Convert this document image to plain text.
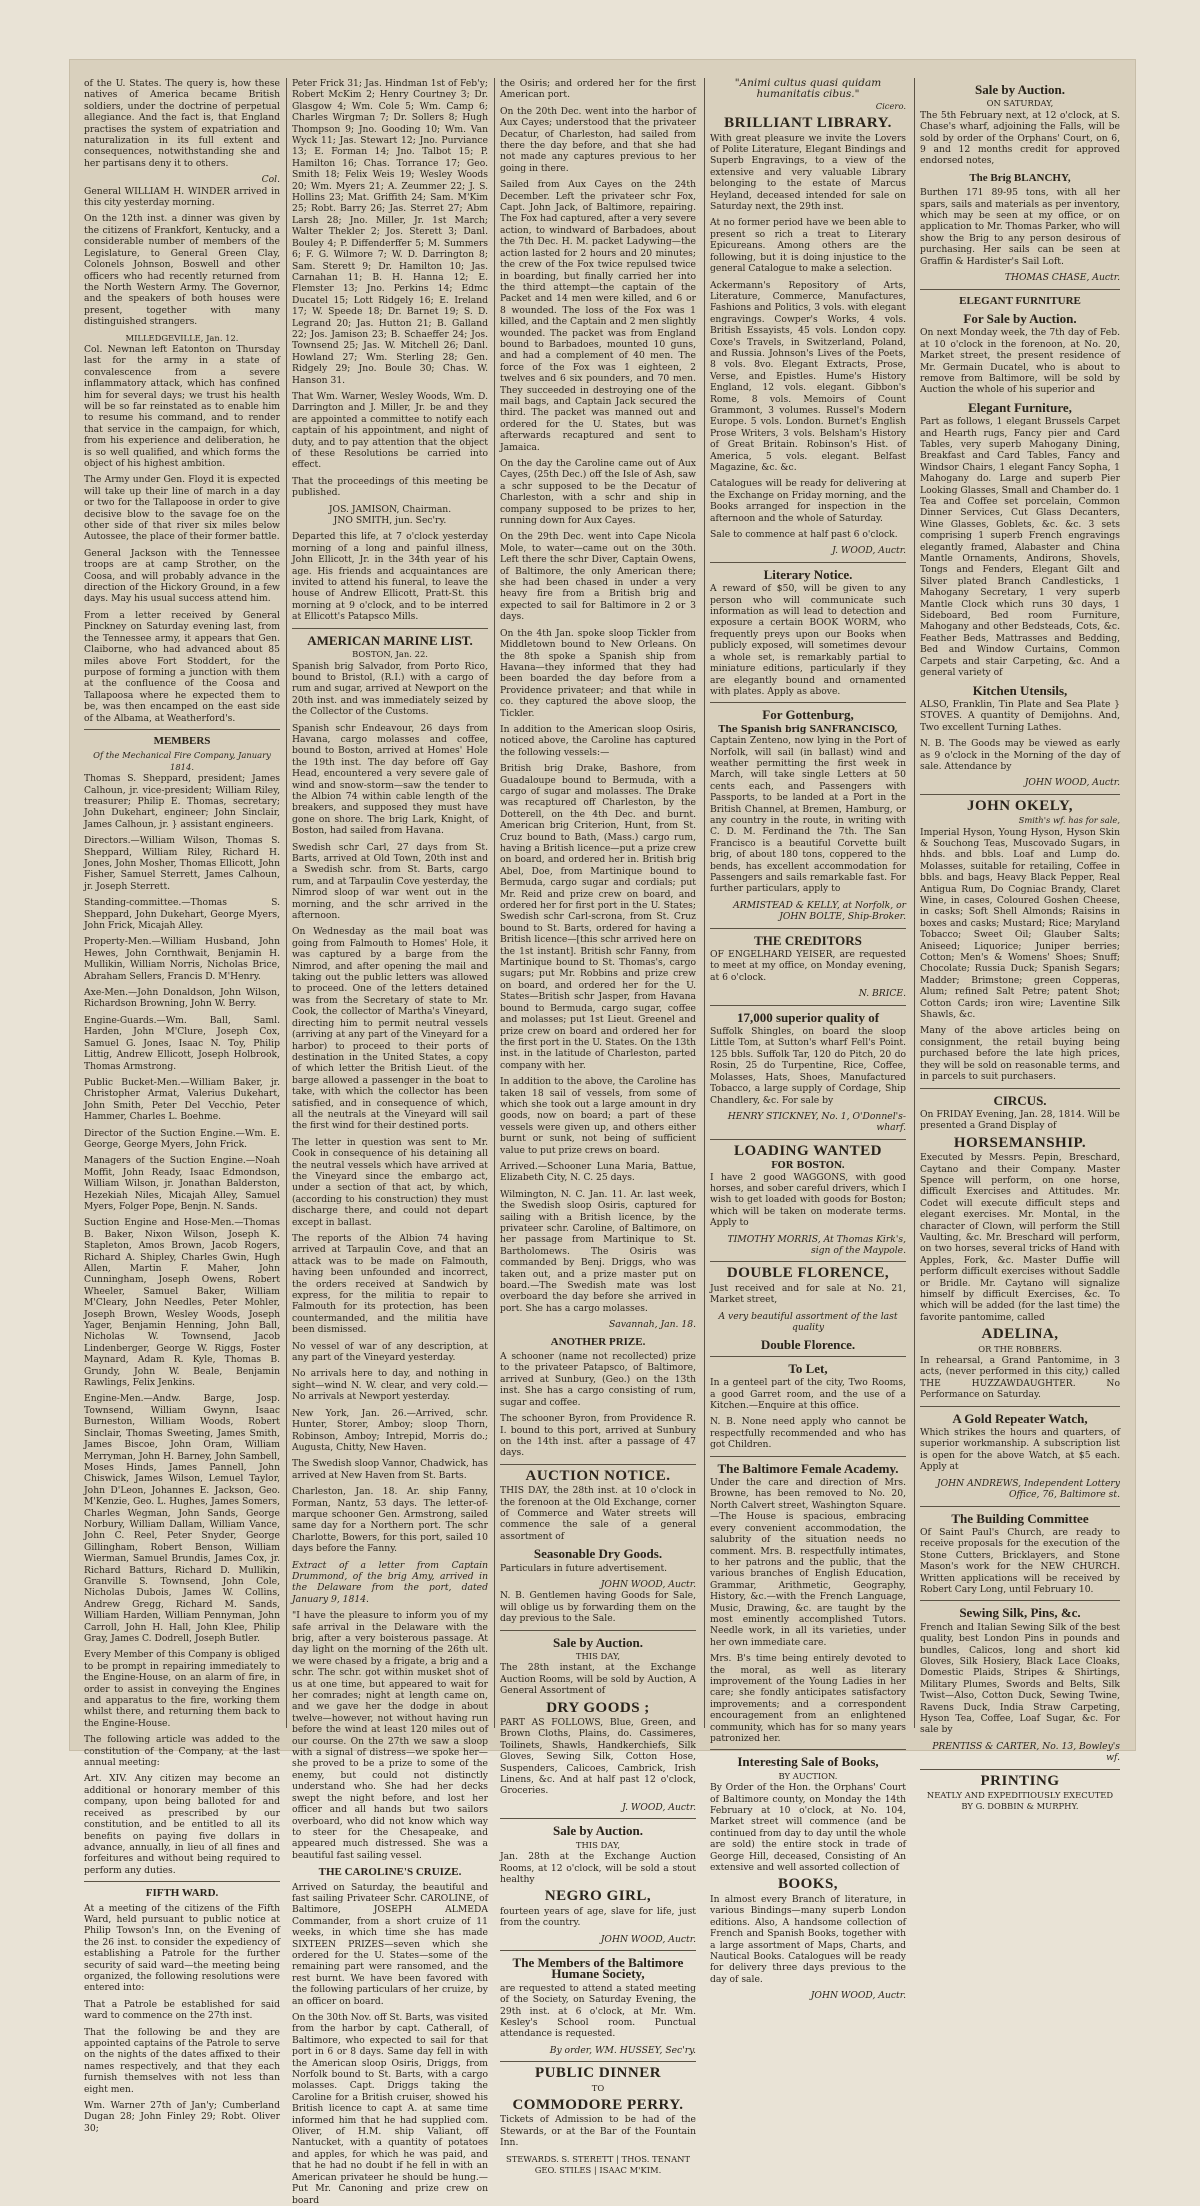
of the U. States. The query is, how these natives of America became British soldiers, under the doctrine of perpetual allegiance. And the fact is, that England practises the system of expatriation and naturalization in its full extent and consequences, notwithstanding she and her partisans deny it to others.

Col.

General WILLIAM H. WINDER arrived in this city yesterday morning.

On the 12th inst. a dinner was given by the citizens of Frankfort, Kentucky, and a considerable number of members of the Legislature, to General Green Clay, Colonels Johnson, Boswell and other officers who had recently returned from the North Western Army. The Governor, and the speakers of both houses were present, together with many distinguished strangers.

MILLEDGEVILLE, Jan. 12.

Col. Newnan left Eatonton on Thursday last for the army in a state of convalescence from a severe inflammatory attack, which has confined him for several days; we trust his health will be so far reinstated as to enable him to resume his command, and to render that service in the campaign, for which, from his experience and deliberation, he is so well qualified, and which forms the object of his highest ambition.

The Army under Gen. Floyd it is expected will take up their line of march in a day or two for the Tallapoose in order to give decisive blow to the savage foe on the other side of that river six miles below Autossee, the place of their former battle.

General Jackson with the Tennessee troops are at camp Strother, on the Coosa, and will probably advance in the direction of the Hickory Ground, in a few days. May his usual success attend him.

From a letter received by General Pinckney on Saturday evening last, from the Tennessee army, it appears that Gen. Claiborne, who had advanced about 85 miles above Fort Stoddert, for the purpose of forming a junction with them at the confluence of the Coosa and Tallapoosa where he expected them to be, was then encamped on the east side of the Albama, at Weatherford's.

MEMBERS
Of the Mechanical Fire Company, January 1814.

Thomas S. Sheppard, president; James Calhoun, jr. vice-president; William Riley, treasurer; Philip E. Thomas, secretary; John Dukehart, engineer; John Sinclair, James Calhoun, jr. } assistant engineers.

Directors.—William Wilson, Thomas S. Sheppard, William Riley, Richard H. Jones, John Mosher, Thomas Ellicott, John Fisher, Samuel Sterrett, James Calhoun, jr. Joseph Sterrett.

Standing-committee.—Thomas S. Sheppard, John Dukehart, George Myers, John Frick, Micajah Alley.

Property-Men.—William Husband, John Hewes, John Cornthwait, Benjamin H. Mullikin, William Norris, Nicholas Brice, Abraham Sellers, Francis D. M'Henry.

Axe-Men.—John Donaldson, John Wilson, Richardson Browning, John W. Berry.

Engine-Guards.—Wm. Ball, Saml. Harden, John M'Clure, Joseph Cox, Samuel G. Jones, Isaac N. Toy, Philip Littig, Andrew Ellicott, Joseph Holbrook, Thomas Armstrong.

Public Bucket-Men.—William Baker, jr. Christopher Armat, Valerius Dukehart, John Smith, Peter Del Vecchio, Peter Hammer, Charles L. Boehme.

Director of the Suction Engine.—Wm. E. George, George Myers, John Frick.

Managers of the Suction Engine.—Noah Moffit, John Ready, Isaac Edmondson, William Wilson, jr. Jonathan Balderston, Hezekiah Niles, Micajah Alley, Samuel Myers, Folger Pope, Benjn. N. Sands.

Suction Engine and Hose-Men.—Thomas B. Baker, Nixon Wilson, Joseph K. Stapleton, Amos Brown, Jacob Rogers, Richard A. Shipley, Charles Gwin, Hugh Allen, Martin F. Maher, John Cunningham, Joseph Owens, Robert Wheeler, Samuel Baker, William M'Cleary, John Needles, Peter Mohler, Joseph Brown, Wesley Woods, Joseph Yager, Benjamin Henning, John Ball, Nicholas W. Townsend, Jacob Lindenberger, George W. Riggs, Foster Maynard, Adam R. Kyle, Thomas B. Grundy, John W. Beale, Benjamin Rawlings, Felix Jenkins.

Engine-Men.—Andw. Barge, Josp. Townsend, William Gwynn, Isaac Burneston, William Woods, Robert Sinclair, Thomas Sweeting, James Smith, James Biscoe, John Oram, William Merryman, John H. Barney, John Sambell, Moses Hinds, James Pannell, John Chiswick, James Wilson, Lemuel Taylor, John D'Leon, Johannes E. Jackson, Geo. M'Kenzie, Geo. L. Hughes, James Somers, Charles Wegman, John Sands, George Norbury, William Dallam, William Vance, John C. Reel, Peter Snyder, George Gillingham, Robert Benson, William Wierman, Samuel Brundis, James Cox, jr. Richard Batturs, Richard D. Mullikin, Granville S. Townsend, John Cole, Nicholas Dubois, James W. Collins, Andrew Gregg, Richard M. Sands, William Harden, William Pennyman, John Carroll, John H. Hall, John Klee, Philip Gray, James C. Dodrell, Joseph Butler.

Every Member of this Company is obliged to be prompt in repairing immediately to the Engine-House, on an alarm of fire, in order to assist in conveying the Engines and apparatus to the fire, working them whilst there, and returning them back to the Engine-House.

The following article was added to the constitution of the Company, at the last annual meeting:

Art. XIV. Any citizen may become an additional or honorary member of this company, upon being balloted for and received as prescribed by our constitution, and be entitled to all its benefits on paying five dollars in advance, annually, in lieu of all fines and forfeitures and without being required to perform any duties.

FIFTH WARD.

At a meeting of the citizens of the Fifth Ward, held pursuant to public notice at Philip Towson's Inn, on the Evening of the 26 inst. to consider the expediency of establishing a Patrole for the further security of said ward—the meeting being organized, the following resolutions were entered into:

That a Patrole be established for said ward to commence on the 27th inst.

That the following be and they are appointed captains of the Patrole to serve on the nights of the dates affixed to their names respectively, and that they each furnish themselves with not less than eight men.

Wm. Warner 27th of Jan'y; Cumberland Dugan 28; John Finley 29; Robt. Oliver 30;

Peter Frick 31; Jas. Hindman 1st of Feb'y; Robert McKim 2; Henry Courtney 3; Dr. Glasgow 4; Wm. Cole 5; Wm. Camp 6; Charles Wirgman 7; Dr. Sollers 8; Hugh Thompson 9; Jno. Gooding 10; Wm. Van Wyck 11; Jas. Stewart 12; Jno. Purviance 13; E. Forman 14; Jno. Talbot 15; P. Hamilton 16; Chas. Torrance 17; Geo. Smith 18; Felix Weis 19; Wesley Woods 20; Wm. Myers 21; A. Zeummer 22; J. S. Hollins 23; Mat. Griffith 24; Sam. M'Kim 25; Robt. Barry 26; Jas. Sterret 27; Abm Larsh 28; Jno. Miller, Jr. 1st March; Walter Thekler 2; Jos. Sterett 3; Danl. Bouley 4; P. Diffenderffer 5; M. Summers 6; F. G. Wilmore 7; W. D. Darrington 8; Sam. Sterett 9; Dr. Hamilton 10; Jas. Carnahan 11; B. H. Hanna 12; E. Flemster 13; Jno. Perkins 14; Edmc Ducatel 15; Lott Ridgely 16; E. Ireland 17; W. Speede 18; Dr. Barnet 19; S. D. Legrand 20; Jas. Hutton 21; B. Galland 22; Jos. Jamison 23; B. Schaeffer 24; Jos. Townsend 25; Jas. W. Mitchell 26; Danl. Howland 27; Wm. Sterling 28; Gen. Ridgely 29; Jno. Boule 30; Chas. W. Hanson 31.

That Wm. Warner, Wesley Woods, Wm. D. Darrington and J. Miller, Jr. be and they are appointed a committee to notify each captain of his appointment, and night of duty, and to pay attention that the object of these Resolutions be carried into effect.

That the proceedings of this meeting be published.

JOS. JAMISON, Chairman.
JNO SMITH, jun. Sec'ry.

Departed this life, at 7 o'clock yesterday morning of a long and painful illness, John Ellicott, Jr. in the 34th year of his age. His friends and acquaintances are invited to attend his funeral, to leave the house of Andrew Ellicott, Pratt-St. this morning at 9 o'clock, and to be interred at Ellicott's Patapsco Mills.

AMERICAN MARINE LIST.
BOSTON, Jan. 22.

Spanish brig Salvador, from Porto Rico, bound to Bristol, (R.I.) with a cargo of rum and sugar, arrived at Newport on the 20th inst. and was immediately seized by the Collector of the Customs.

Spanish schr Endeavour, 26 days from Havana, cargo molasses and coffee, bound to Boston, arrived at Homes' Hole the 19th inst. The day before off Gay Head, encountered a very severe gale of wind and snow-storm—saw the tender to the Albion 74 within cable length of the breakers, and supposed they must have gone on shore. The brig Lark, Knight, of Boston, had sailed from Havana.

Swedish schr Carl, 27 days from St. Barts, arrived at Old Town, 20th inst and a Swedish schr. from St. Barts, cargo rum, and at Tarpaulin Cove yesterday, the Nimrod sloop of war went out in the morning, and the schr arrived in the afternoon.

On Wednesday as the mail boat was going from Falmouth to Homes' Hole, it was captured by a barge from the Nimrod, and after opening the mail and taking out the public letters was allowed to proceed. One of the letters detained was from the Secretary of state to Mr. Cook, the collector of Martha's Vineyard, directing him to permit neutral vessels (arriving at any part of the Vineyard for a harbor) to proceed to their ports of destination in the United States, a copy of which letter the British Lieut. of the barge allowed a passenger in the boat to take, with which the collector has been satisfied, and in consequence of which, all the neutrals at the Vineyard will sail the first wind for their destined ports.

The letter in question was sent to Mr. Cook in consequence of his detaining all the neutral vessels which have arrived at the Vineyard since the embargo act, under a section of that act, by which, (according to his construction) they must discharge there, and could not depart except in ballast.

The reports of the Albion 74 having arrived at Tarpaulin Cove, and that an attack was to be made on Falmouth, having been unfounded and incorrect, the orders received at Sandwich by express, for the militia to repair to Falmouth for its protection, has been countermanded, and the militia have been dismissed.

No vessel of war of any description, at any part of the Vineyard yesterday.

No arrivals here to day, and nothing in sight—wind N. W. clear, and very cold.—No arrivals at Newport yesterday.

New York, Jan. 26.—Arrived, schr. Hunter, Storer, Amboy; sloop Thorn, Robinson, Amboy; Intrepid, Morris do.; Augusta, Chitty, New Haven.

The Swedish sloop Vannor, Chadwick, has arrived at New Haven from St. Barts.

Charleston, Jan. 18. Ar. ship Fanny, Forman, Nantz, 53 days. The letter-of-marque schooner Gen. Armstrong, sailed same day for a Northern port. The schr Charlotte, Bowers, for this port, sailed 10 days before the Fanny.

Extract of a letter from Captain Drummond, of the brig Amy, arrived in the Delaware from the port, dated January 9, 1814.

"I have the pleasure to inform you of my safe arrival in the Delaware with the brig, after a very boisterous passage. At day light on the morning of the 26th ult. we were chased by a frigate, a brig and a schr. The schr. got within musket shot of us at one time, but appeared to wait for her comrades; night at length came on, and we gave her the dodge in about twelve—however, not without having run before the wind at least 120 miles out of our course. On the 27th we saw a sloop with a signal of distress—we spoke her—she proved to be a prize to some of the enemy, but could not distinctly understand who. She had her decks swept the night before, and lost her officer and all hands but two sailors overboard, who did not know which way to steer for the Chesapeake, and appeared much distressed. She was a beautiful fast sailing vessel.

THE CAROLINE'S CRUIZE.

Arrived on Saturday, the beautiful and fast sailing Privateer Schr. CAROLINE, of Baltimore, JOSEPH ALMEDA Commander, from a short cruize of 11 weeks, in which time she has made SIXTEEN PRIZES—seven which she ordered for the U. States—some of the remaining part were ransomed, and the rest burnt. We have been favored with the following particulars of her cruize, by an officer on board.

On the 30th Nov. off St. Barts, was visited from the harbor by capt. Catherall, of Baltimore, who expected to sail for that port in 6 or 8 days. Same day fell in with the American sloop Osiris, Driggs, from Norfolk bound to St. Barts, with a cargo molasses. Capt. Driggs taking the Caroline for a British cruiser, showed his British licence to capt A. at same time informed him that he had supplied com. Oliver, of H.M. ship Valiant, off Nantucket, with a quantity of potatoes and apples, for which he was paid, and that he had no doubt if he fell in with an American privateer he should be hung.—Put Mr. Canoning and prize crew on board

the Osiris; and ordered her for the first American port.

On the 20th Dec. went into the harbor of Aux Cayes; understood that the privateer Decatur, of Charleston, had sailed from there the day before, and that she had not made any captures previous to her going in there.

Sailed from Aux Cayes on the 24th December. Left the privateer schr Fox, Capt. John Jack, of Baltimore, repairing. The Fox had captured, after a very severe action, to windward of Barbadoes, about the 7th Dec. H. M. packet Ladywing—the action lasted for 2 hours and 20 minutes; the crew of the Fox twice repulsed twice in boarding, but finally carried her into the third attempt—the captain of the Packet and 14 men were killed, and 6 or 8 wounded. The loss of the Fox was 1 killed, and the Captain and 2 men slightly wounded. The packet was from England bound to Barbadoes, mounted 10 guns, and had a complement of 40 men. The force of the Fox was 1 eighteen, 2 twelves and 6 six pounders, and 70 men. They succeeded in destroying one of the mail bags, and Captain Jack secured the third. The packet was manned out and ordered for the U. States, but was afterwards recaptured and sent to Jamaica.

On the day the Caroline came out of Aux Cayes, (25th Dec.) off the Isle of Ash, saw a schr supposed to be the Decatur of Charleston, with a schr and ship in company supposed to be prizes to her, running down for Aux Cayes.

On the 29th Dec. went into Cape Nicola Mole, to water—came out on the 30th. Left there the schr Diver, Captain Owens, of Baltimore, the only American there; she had been chased in under a very heavy fire from a British brig and expected to sail for Baltimore in 2 or 3 days.

On the 4th Jan. spoke sloop Tickler from Middletown bound to New Orleans. On the 8th spoke a Spanish ship from Havana—they informed that they had been boarded the day before from a Providence privateer; and that while in co. they captured the above sloop, the Tickler.

In addition to the American sloop Osiris, noticed above, the Caroline has captured the following vessels:—

British brig Drake, Bashore, from Guadaloupe bound to Bermuda, with a cargo of sugar and molasses. The Drake was recaptured off Charleston, by the Dotterell, on the 4th Dec. and burnt. American brig Criterion, Hunt, from St. Cruz bound to Bath, (Mass.) cargo rum, having a British licence—put a prize crew on board, and ordered her in. British brig Abel, Doe, from Martinique bound to Bermuda, cargo sugar and cordials; put Mr. Reid and prize crew on board, and ordered her for first port in the U. States; Swedish schr Carl-scrona, from St. Cruz bound to St. Barts, ordered for having a British licence—[this schr arrived here on the 1st instant]. British schr Fanny, from Martinique bound to St. Thomas's, cargo sugars; put Mr. Robbins and prize crew on board, and ordered her for the U. States—British schr Jasper, from Havana bound to Bermuda, cargo sugar, coffee and molasses; put 1st Lieut. Greenel and prize crew on board and ordered her for the first port in the U. States. On the 13th inst. in the latitude of Charleston, parted company with her.

In addition to the above, the Caroline has taken 18 sail of vessels, from some of which she took out a large amount in dry goods, now on board; a part of these vessels were given up, and others either burnt or sunk, not being of sufficient value to put prize crews on board.

Arrived.—Schooner Luna Maria, Battue, Elizabeth City, N. C. 25 days.

Wilmington, N. C. Jan. 11. Ar. last week, the Swedish sloop Osiris, captured for sailing with a British licence, by the privateer schr. Caroline, of Baltimore, on her passage from Martinique to St. Bartholomews. The Osiris was commanded by Benj. Driggs, who was taken out, and a prize master put on board.—The Swedish mate was lost overboard the day before she arrived in port. She has a cargo molasses.

Savannah, Jan. 18.
ANOTHER PRIZE.

A schooner (name not recollected) prize to the privateer Patapsco, of Baltimore, arrived at Sunbury, (Geo.) on the 13th inst. She has a cargo consisting of rum, sugar and coffee.

The schooner Byron, from Providence R. I. bound to this port, arrived at Sunbury on the 14th inst. after a passage of 47 days.

AUCTION NOTICE.

THIS DAY, the 28th inst. at 10 o'clock in the forenoon at the Old Exchange, corner of Commerce and Water streets will commence the sale of a general assortment of

Seasonable Dry Goods.

Particulars in future advertisement.

JOHN WOOD, Auctr.

N. B. Gentlemen having Goods for Sale, will oblige us by forwarding them on the day previous to the Sale.

Sale by Auction.
THIS DAY,

The 28th instant, at the Exchange Auction Rooms, will be sold by Auction, A General Assortment of

DRY GOODS ;

PART AS FOLLOWS, Blue, Green, and Brown Cloths, Plains, do. Cassimeres, Toilinets, Shawls, Handkerchiefs, Silk Gloves, Sewing Silk, Cotton Hose, Suspenders, Calicoes, Cambrick, Irish Linens, &c. And at half past 12 o'clock, Groceries.

J. WOOD, Auctr.
Sale by Auction.
THIS DAY,

Jan. 28th at the Exchange Auction Rooms, at 12 o'clock, will be sold a stout healthy

NEGRO GIRL,

fourteen years of age, slave for life, just from the country.

JOHN WOOD, Auctr.
The Members of the Baltimore Humane Society,

are requested to attend a stated meeting of the Society, on Saturday Evening, the 29th inst. at 6 o'clock, at Mr. Wm. Kesley's School room. Punctual attendance is requested.

By order, WM. HUSSEY, Sec'ry.
PUBLIC DINNER
TO
COMMODORE PERRY.

Tickets of Admission to be had of the Stewards, or at the Bar of the Fountain Inn.

STEWARDS. S. STERETT | THOS. TENANT GEO. STILES | ISAAC M'KIM.
"Animi cultus quasi quidam humanitatis cibus."
Cicero.
BRILLIANT LIBRARY.

With great pleasure we invite the Lovers of Polite Literature, Elegant Bindings and Superb Engravings, to a view of the extensive and very valuable Library belonging to the estate of Marcus Heyland, deceased intended for sale on Saturday next, the 29th inst.

At no former period have we been able to present so rich a treat to Literary Epicureans. Among others are the following, but it is doing injustice to the general Catalogue to make a selection.

Ackermann's Repository of Arts, Literature, Commerce, Manufactures, Fashions and Politics, 3 vols. with elegant engravings. Cowper's Works, 4 vols. British Essayists, 45 vols. London copy. Coxe's Travels, in Switzerland, Poland, and Russia. Johnson's Lives of the Poets, 8 vols. 8vo. Elegant Extracts, Prose, Verse, and Epistles. Hume's History England, 12 vols. elegant. Gibbon's Rome, 8 vols. Memoirs of Count Grammont, 3 volumes. Russel's Modern Europe. 5 vols. London. Burnet's English Prose Writers, 3 vols. Belsham's History of Great Britain. Robinson's Hist. of America, 5 vols. elegant. Belfast Magazine, &c. &c.

Catalogues will be ready for delivering at the Exchange on Friday morning, and the Books arranged for inspection in the afternoon and the whole of Saturday.

Sale to commence at half past 6 o'clock.

J. WOOD, Auctr.
Literary Notice.

A reward of $50, will be given to any person who will communicate such information as will lead to detection and exposure a certain BOOK WORM, who frequently preys upon our Books when publicly exposed, will sometimes devour a whole set, is remarkably partial to miniature editions, particularly if they are elegantly bound and ornamented with plates. Apply as above.

For Gottenburg,
The Spanish brig SANFRANCISCO,

Captain Zenteno, now lying in the Port of Norfolk, will sail (in ballast) wind and weather permitting the first week in March, will take single Letters at 50 cents each, and Passengers with Passports, to be landed at a Port in the British Channel, at Bremen, Hamburg, or any country in the route, in writing with C. D. M. Ferdinand the 7th. The San Francisco is a beautiful Corvette built brig, of about 180 tons, coppered to the bends, has excellent accommodation for Passengers and sails remarkable fast. For further particulars, apply to

ARMISTEAD & KELLY, at Norfolk, or JOHN BOLTE, Ship-Broker.
THE CREDITORS

OF ENGELHARD YEISER, are requested to meet at my office, on Monday evening, at 6 o'clock.

N. BRICE.
17,000 superior quality of

Suffolk Shingles, on board the sloop Little Tom, at Sutton's wharf Fell's Point. 125 bbls. Suffolk Tar, 120 do Pitch, 20 do Rosin, 25 do Turpentine, Rice, Coffee, Molasses, Hats, Shoes, Manufactured Tobacco, a large supply of Cordage, Ship Chandlery, &c. For sale by

HENRY STICKNEY, No. 1, O'Donnel's-wharf.
LOADING WANTED
FOR BOSTON.

I have 2 good WAGGONS, with good horses, and sober careful drivers, which I wish to get loaded with goods for Boston; which will be taken on moderate terms. Apply to

TIMOTHY MORRIS, At Thomas Kirk's, sign of the Maypole.
DOUBLE FLORENCE,

Just received and for sale at No. 21, Market street,

A very beautiful assortment of the last quality
Double Florence.
To Let,

In a genteel part of the city, Two Rooms, a good Garret room, and the use of a Kitchen.—Enquire at this office.

N. B. None need apply who cannot be respectfully recommended and who has got Children.

The Baltimore Female Academy.

Under the care and direction of Mrs. Browne, has been removed to No. 20, North Calvert street, Washington Square.—The House is spacious, embracing every convenient accommodation, the salubrity of the situation needs no comment. Mrs. B. respectfully intimates, to her patrons and the public, that the various branches of English Education, Grammar, Arithmetic, Geography, History, &c.—with the French Language, Music, Drawing, &c. are taught by the most eminently accomplished Tutors. Needle work, in all its varieties, under her own immediate care.

Mrs. B's time being entirely devoted to the moral, as well as literary improvement of the Young Ladies in her care; she fondly anticipates satisfactory improvements; and a correspondent encouragement from an enlightened community, which has for so many years patronized her.

Interesting Sale of Books,
BY AUCTION.

By Order of the Hon. the Orphans' Court of Baltimore county, on Monday the 14th February at 10 o'clock, at No. 104, Market street will commence (and be continued from day to day until the whole are sold) the entire stock in trade of George Hill, deceased, Consisting of An extensive and well assorted collection of

BOOKS,

In almost every Branch of literature, in various Bindings—many superb London editions. Also, A handsome collection of French and Spanish Books, together with a large assortment of Maps, Charts, and Nautical Books. Catalogues will be ready for delivery three days previous to the day of sale.

JOHN WOOD, Auctr.
Sale by Auction.
ON SATURDAY,

The 5th February next, at 12 o'clock, at S. Chase's wharf, adjoining the Falls, will be sold by order of the Orphans' Court, on 6, 9 and 12 months credit for approved endorsed notes,

The Brig BLANCHY,

Burthen 171 89-95 tons, with all her spars, sails and materials as per inventory, which may be seen at my office, or on application to Mr. Thomas Parker, who will show the Brig to any person desirous of purchasing. Her sails can be seen at Graffin & Hardister's Sail Loft.

THOMAS CHASE, Auctr.
ELEGANT FURNITURE
For Sale by Auction.

On next Monday week, the 7th day of Feb. at 10 o'clock in the forenoon, at No. 20, Market street, the present residence of Mr. Germain Ducatel, who is about to remove from Baltimore, will be sold by Auction the whole of his superior and

Elegant Furniture,

Part as follows, 1 elegant Brussels Carpet and Hearth rugs, Fancy pier and Card Tables, very superb Mahogany Dining, Breakfast and Card Tables, Fancy and Windsor Chairs, 1 elegant Fancy Sopha, 1 Mahogany do. Large and superb Pier Looking Glasses, Small and Chamber do. 1 Tea and Coffee set porcelain, Common Dinner Services, Cut Glass Decanters, Wine Glasses, Goblets, &c. &c. 3 sets comprising 1 superb French engravings elegantly framed, Alabaster and China Mantle Ornaments, Andirons, Shovels, Tongs and Fenders, Elegant Gilt and Silver plated Branch Candlesticks, 1 Mahogany Secretary, 1 very superb Mantle Clock which runs 30 days, 1 Sideboard, Bed room Furniture, Mahogany and other Bedsteads, Cots, &c. Feather Beds, Mattrasses and Bedding, Bed and Window Curtains, Common Carpets and stair Carpeting, &c. And a general variety of

Kitchen Utensils,

ALSO, Franklin, Tin Plate and Sea Plate } STOVES. A quantity of Demijohns. And, Two excellent Turning Lathes.

N. B. The Goods may be viewed as early as 9 o'clock in the Morning of the day of sale. Attendance by

JOHN WOOD, Auctr.
JOHN OKELY,
Smith's wf. has for sale,

Imperial Hyson, Young Hyson, Hyson Skin & Souchong Teas, Muscovado Sugars, in hhds. and bbls. Loaf and Lump do. Molasses, suitable for retailing, Coffee in bbls. and bags, Heavy Black Pepper, Real Antigua Rum, Do Cogniac Brandy, Claret Wine, in cases, Coloured Goshen Cheese, in casks; Soft Shell Almonds; Raisins in boxes and casks; Mustard; Rice; Maryland Tobacco; Sweet Oil; Glauber Salts; Aniseed; Liquorice; Juniper berries; Cotton; Men's & Womens' Shoes; Snuff; Chocolate; Russia Duck; Spanish Segars; Madder; Brimstone; green Copperas, Alum; refined Salt Petre; patent Shot; Cotton Cards; iron wire; Laventine Silk Shawls, &c.

Many of the above articles being on consignment, the retail buying being purchased before the late high prices, they will be sold on reasonable terms, and in parcels to suit purchasers.

CIRCUS.

On FRIDAY Evening, Jan. 28, 1814. Will be presented a Grand Display of

HORSEMANSHIP.

Executed by Messrs. Pepin, Breschard, Caytano and their Company. Master Spence will perform, on one horse, difficult Exercises and Attitudes. Mr. Codet will execute difficult steps and elegant exercises. Mr. Montal, in the character of Clown, will perform the Still Vaulting, &c. Mr. Breschard will perform, on two horses, several tricks of Hand with Apples, Fork, &c. Master Duffie will perform difficult exercises without Saddle or Bridle. Mr. Caytano will signalize himself by difficult Exercises, &c. To which will be added (for the last time) the favorite pantomime, called

ADELINA,
OR THE ROBBERS.

In rehearsal, a Grand Pantomime, in 3 acts, (never performed in this city,) called THE HUZZAWDAUGHTER. No Performance on Saturday.

A Gold Repeater Watch,

Which strikes the hours and quarters, of superior workmanship. A subscription list is open for the above Watch, at $5 each. Apply at

JOHN ANDREWS, Independent Lottery Office, 76, Baltimore st.
The Building Committee

Of Saint Paul's Church, are ready to receive proposals for the execution of the Stone Cutters, Bricklayers, and Stone Mason's work for the NEW CHURCH. Written applications will be received by Robert Cary Long, until February 10.

Sewing Silk, Pins, &c.

French and Italian Sewing Silk of the best quality, best London Pins in pounds and bundles, Calicos, long and short kid Gloves, Silk Hosiery, Black Lace Cloaks, Domestic Plaids, Stripes & Shirtings, Military Plumes, Swords and Belts, Silk Twist—Also, Cotton Duck, Sewing Twine, Ravens Duck, India Straw Carpeting, Hyson Tea, Coffee, Loaf Sugar, &c. For sale by

PRENTISS & CARTER, No. 13, Bowley's wf.
PRINTING
NEATLY AND EXPEDITIOUSLY EXECUTED BY G. DOBBIN & MURPHY.
